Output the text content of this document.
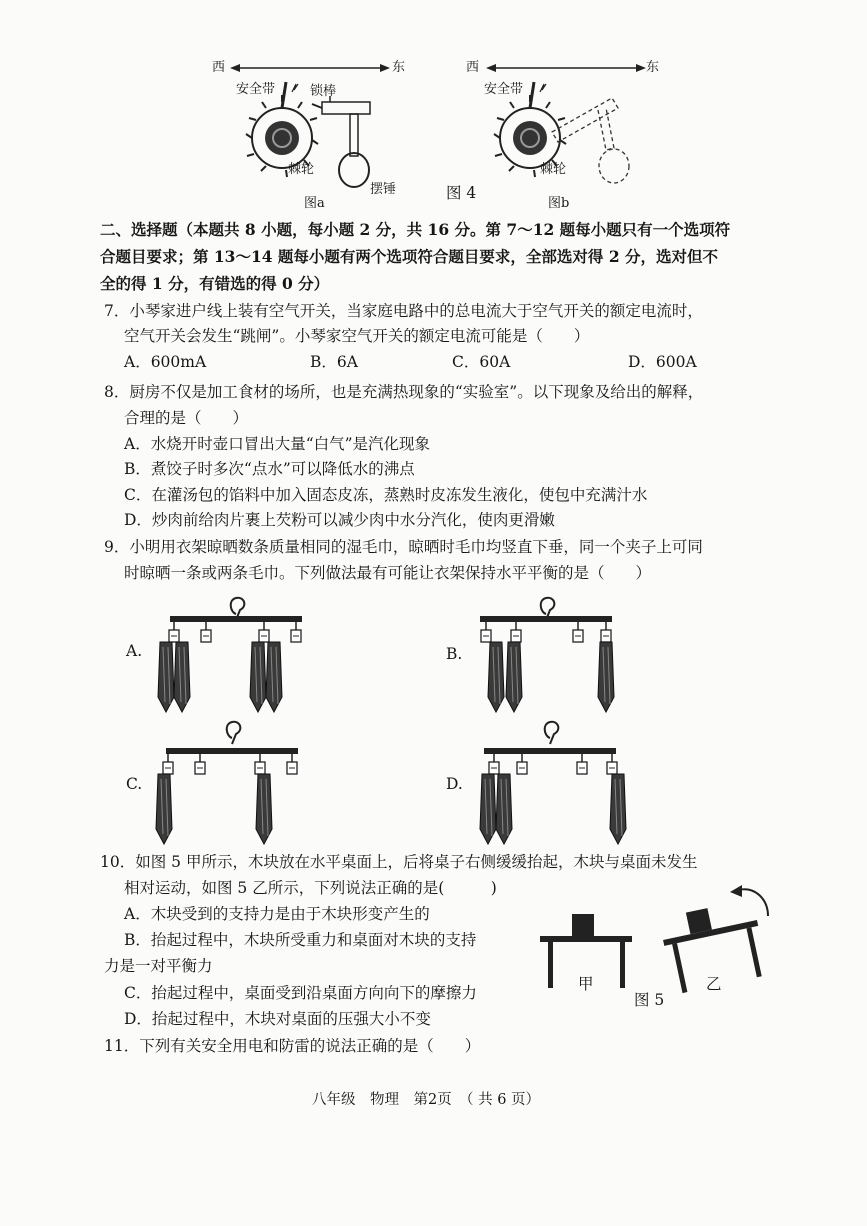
西	东
安全带	锁棒
棘轮
摆锤
图a
西	东
安全带
棘轮
图b
图 4
二、选择题（本题共 8 小题，每小题 2 分，共 16 分。第 7～12 题每小题只有一个选项符
合题目要求；第 13～14 题每小题有两个选项符合题目要求，全部选对得 2 分，选对但不
全的得 1 分，有错选的得 0 分）
7．小琴家进户线上装有空气开关，当家庭电路中的总电流大于空气开关的额定电流时，
空气开关会发生“跳闸”。小琴家空气开关的额定电流可能是（　　）
A．600mA	B．6A	C．60A	D．600A
8．厨房不仅是加工食材的场所，也是充满热现象的“实验室”。以下现象及给出的解释，
合理的是（　　）
A．水烧开时壶口冒出大量“白气”是汽化现象
B．煮饺子时多次“点水”可以降低水的沸点
C．在灌汤包的馅料中加入固态皮冻，蒸熟时皮冻发生液化，使包中充满汁水
D．炒肉前给肉片裹上芡粉可以减少肉中水分汽化，使肉更滑嫩
9．小明用衣架晾晒数条质量相同的湿毛巾，晾晒时毛巾均竖直下垂，同一个夹子上可同
时晾晒一条或两条毛巾。下列做法最有可能让衣架保持水平平衡的是（　　）
A.	B.
C.	D.
10．如图 5 甲所示，木块放在水平桌面上，后将桌子右侧缓缓抬起，木块与桌面未发生
相对运动，如图 5 乙所示，下列说法正确的是(　　　)
A．木块受到的支持力是由于木块形变产生的
B．抬起过程中，木块所受重力和桌面对木块的支持
力是一对平衡力
C．抬起过程中，桌面受到沿桌面方向向下的摩擦力
D．抬起过程中，木块对桌面的压强大小不变
甲	乙
图 5
11．下列有关安全用电和防雷的说法正确的是（　　）
八年级　物理　第2页　（ 共 6 页）
